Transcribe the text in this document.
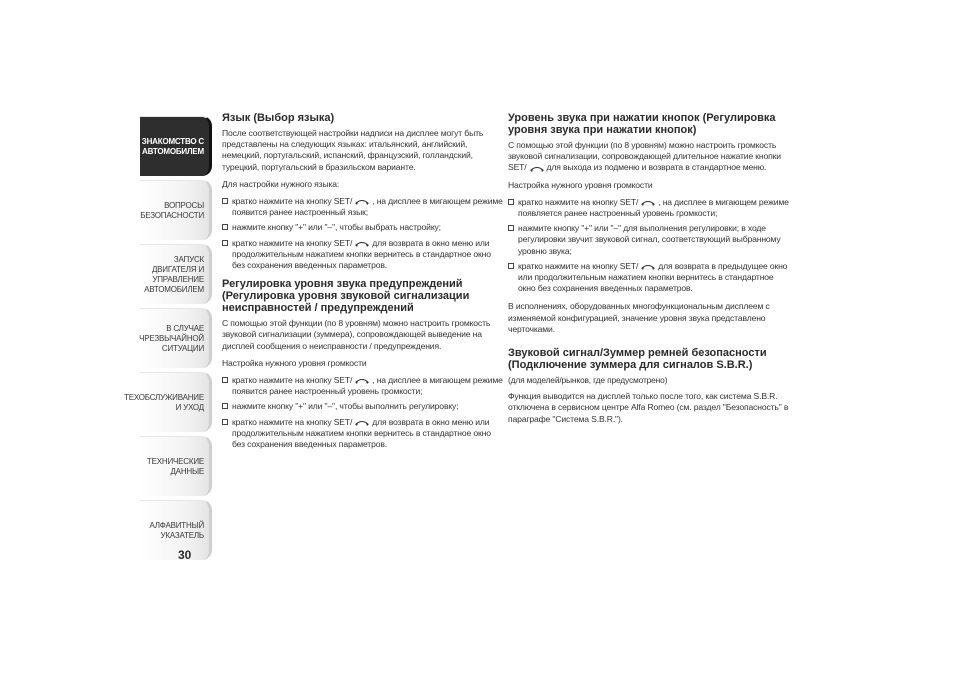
ЗНАКОМСТВО С
АВТОМОБИЛЕМ
ВОПРОСЫ
БЕЗОПАСНОСТИ
ЗАПУСК ДВИГАТЕЛЯ И
УПРАВЛЕНИЕ
АВТОМОБИЛЕМ
В СЛУЧАЕ
ЧРЕЗВЫЧАЙНОЙ
СИТУАЦИИ
ТЕХОБСЛУЖИВАНИЕ
И УХОД
ТЕХНИЧЕСКИЕ
ДАННЫЕ
АЛФАВИТНЫЙ
УКАЗАТЕЛЬ
30
Язык (Выбор языка)

После соответствующей настройки надписи на дисплее могут быть представлены на следующих языках: итальянский, английский, немецкий, португальский, испанский, французский, голландский, турецкий, португальский в бразильском варианте.

Для настройки нужного языка:

кратко нажмите на кнопку SET/ , на дисплее в мигающем режиме появится ранее настроенный язык;
нажмите кнопку "+" или "–", чтобы выбрать настройку;
кратко нажмите на кнопку SET/ для возврата в окно меню или продолжительным нажатием кнопки вернитесь в стандартное окно без сохранения введенных параметров.
Регулировка уровня звука предупреждений (Регулировка уровня звуковой сигнализации неисправностей / предупреждений

С помощью этой функции (по 8 уровням) можно настроить громкость звуковой сигнализации (зуммера), сопровождающей выведение на дисплей сообщения о неисправности / предупреждения.

Настройка нужного уровня громкости

кратко нажмите на кнопку SET/ , на дисплее в мигающем режиме появится ранее настроенный уровень громкости;
нажмите кнопку "+" или "–", чтобы выполнить регулировку;
кратко нажмите на кнопку SET/ для возврата в окно меню или продолжительным нажатием кнопки вернитесь в стандартное окно без сохранения введенных параметров.
Уровень звука при нажатии кнопок (Регулировка уровня звука при нажатии кнопок)

С помощью этой функции (по 8 уровням) можно настроить громкость звуковой сигнализации, сопровождающей длительное нажатие кнопки SET/ для выхода из подменю и возврата в стандартное меню.

Настройка нужного уровня громкости

кратко нажмите на кнопку SET/ , на дисплее в мигающем режиме появляется ранее настроенный уровень громкости;
нажмите кнопку "+" или "–" для выполнения регулировки; в ходе регулировки звучит звуковой сигнал, соответствующий выбранному уровню звука;
кратко нажмите на кнопку SET/ для возврата в предыдущее окно или продолжительным нажатием кнопки вернитесь в стандартное окно без сохранения введенных параметров.

В исполнениях, оборудованных многофункциональным дисплеем с изменяемой конфигурацией, значение уровня звука представлено черточками.

Звуковой сигнал/Зуммер ремней безопасности (Подключение зуммера для сигналов S.B.R.)

(для моделей/рынков, где предусмотрено)

Функция выводится на дисплей только после того, как система S.B.R. отключена в сервисном центре Alfa Romeo (см. раздел "Безопасность" в параграфе "Система S.B.R.").
